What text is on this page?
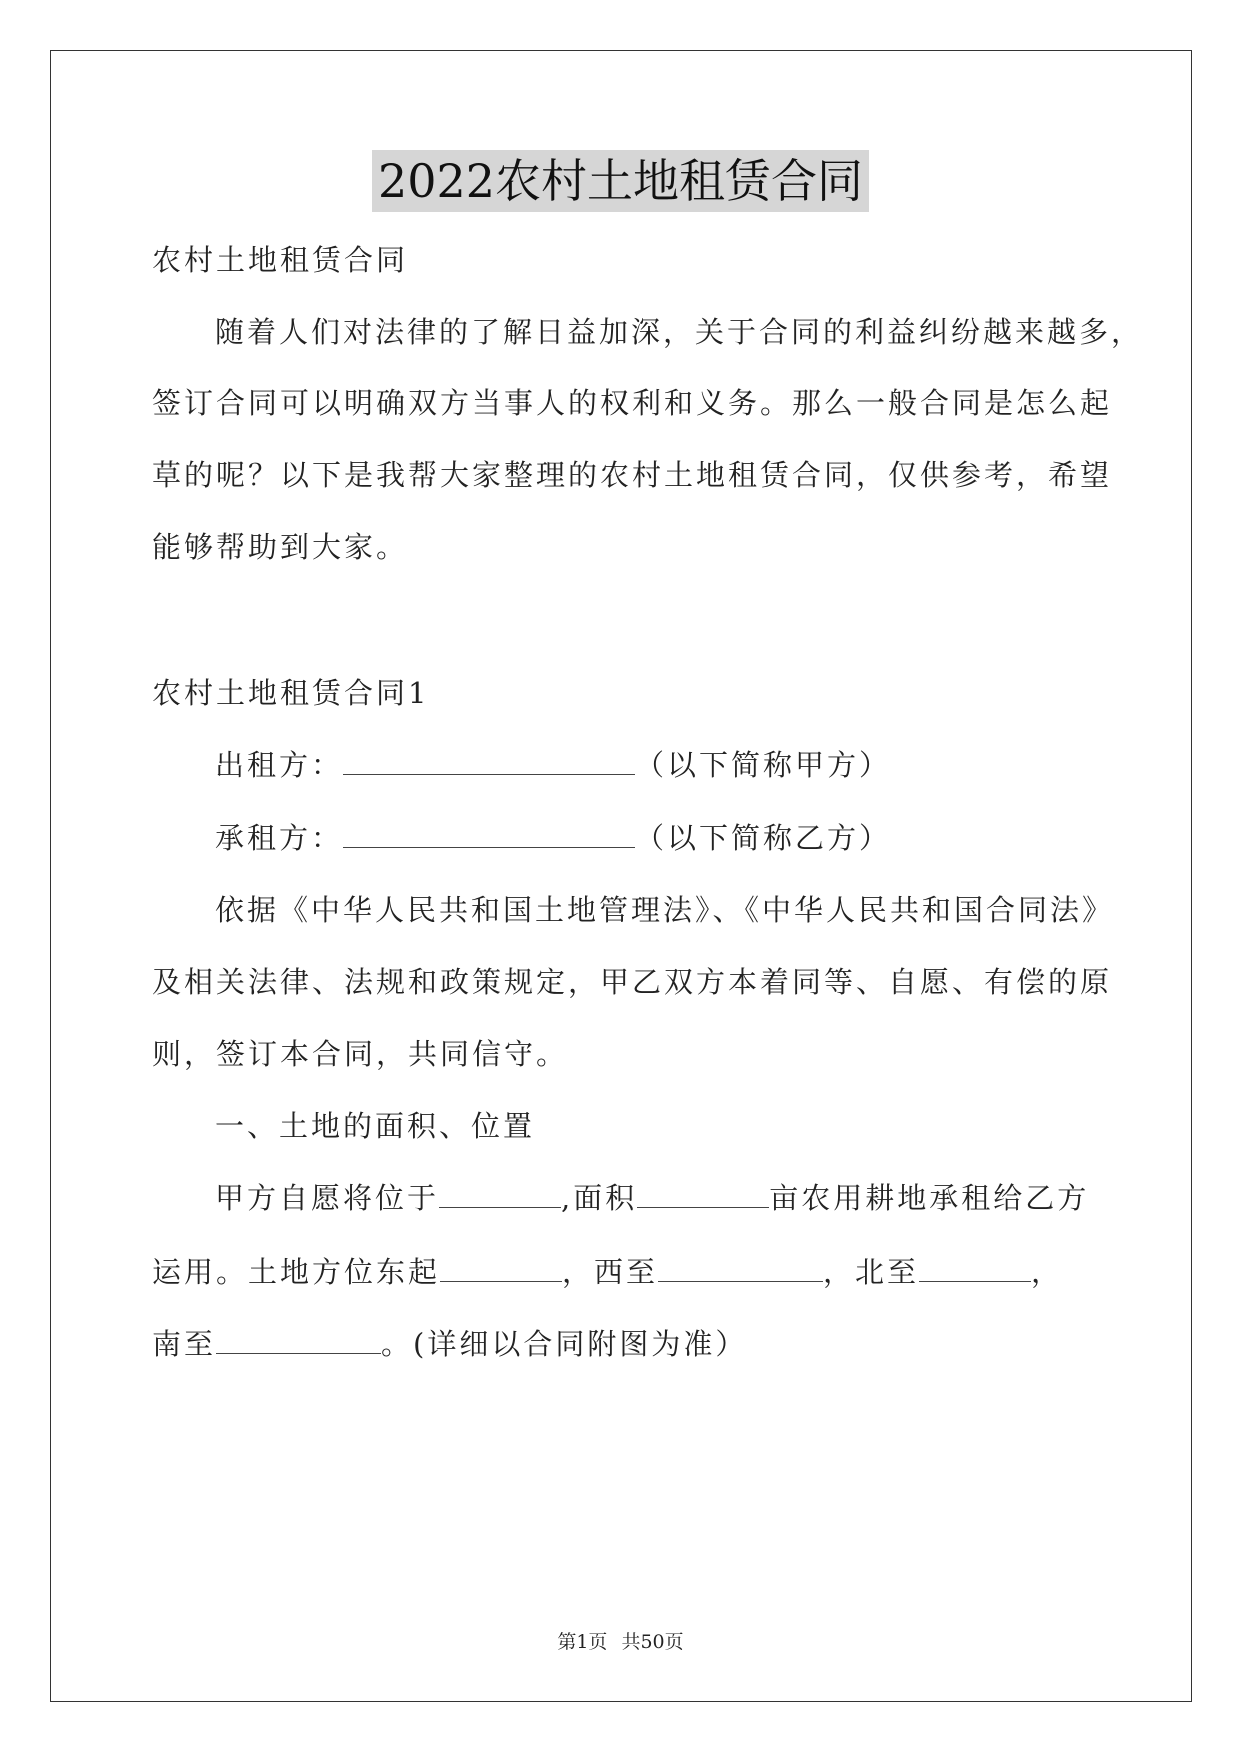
2022农村土地租赁合同
农村土地租赁合同
随着人们对法律的了解日益加深，关于合同的利益纠纷越来越多，
签订合同可以明确双方当事人的权利和义务。那么一般合同是怎么起
草的呢？以下是我帮大家整理的农村土地租赁合同，仅供参考，希望
能够帮助到大家。
农村土地租赁合同1
出租方：	（以下简称甲方）
承租方：	（以下简称乙方）
依据《中华人民共和国土地管理法》、《中华人民共和国合同法》
及相关法律、法规和政策规定，甲乙双方本着同等、自愿、有偿的原
则，签订本合同，共同信守。
一、土地的面积、位置
甲方自愿将位于	,面积	亩农用耕地承租给乙方
运用。土地方位东起	，西至	，北至	，
南至	。(详细以合同附图为准）
第1页 共50页
